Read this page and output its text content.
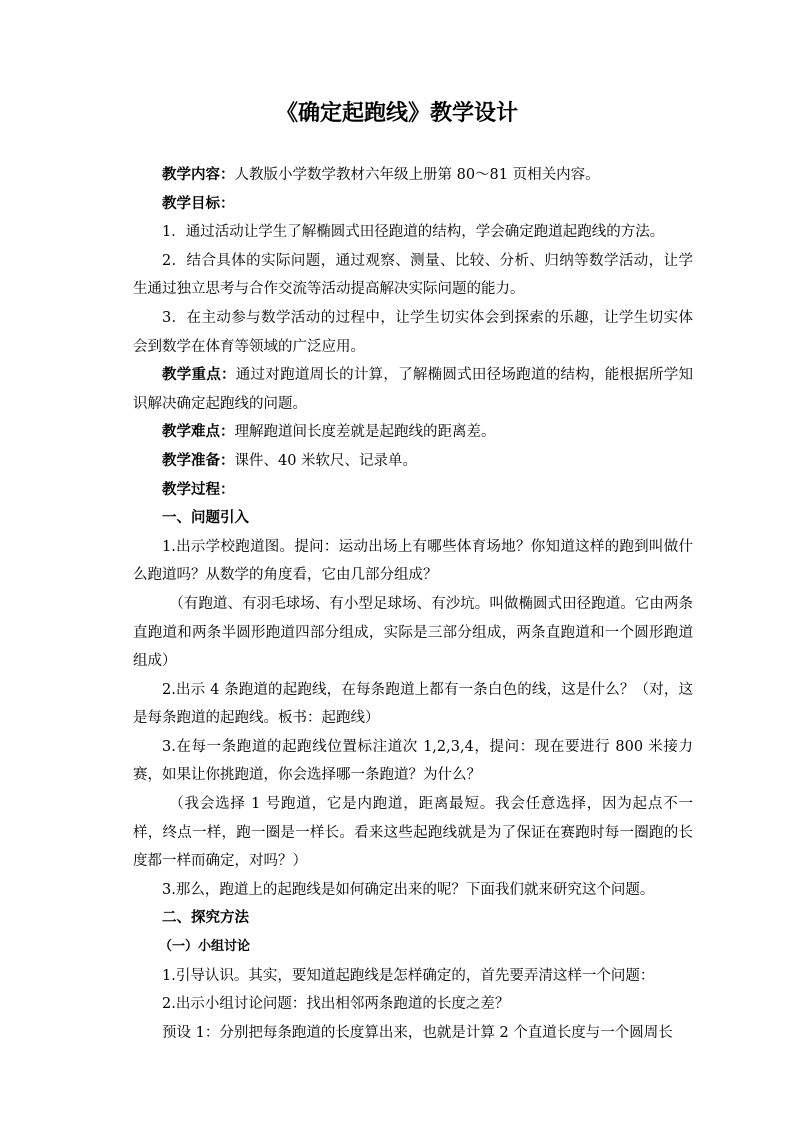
《确定起跑线》教学设计

教学内容：人教版小学数学教材六年级上册第 80～81 页相关内容。

教学目标：

1．通过活动让学生了解椭圆式田径跑道的结构，学会确定跑道起跑线的方法。

2．结合具体的实际问题，通过观察、测量、比较、分析、归纳等数学活动，让学生通过独立思考与合作交流等活动提高解决实际问题的能力。

3．在主动参与数学活动的过程中，让学生切实体会到探索的乐趣，让学生切实体会到数学在体育等领域的广泛应用。

教学重点：通过对跑道周长的计算，了解椭圆式田径场跑道的结构，能根据所学知识解决确定起跑线的问题。

教学难点：理解跑道间长度差就是起跑线的距离差。

教学准备：课件、40 米软尺、记录单。

教学过程：

一、问题引入

1.出示学校跑道图。提问：运动出场上有哪些体育场地？你知道这样的跑到叫做什么跑道吗？从数学的角度看，它由几部分组成？

（有跑道、有羽毛球场、有小型足球场、有沙坑。叫做椭圆式田径跑道。它由两条直跑道和两条半圆形跑道四部分组成，实际是三部分组成，两条直跑道和一个圆形跑道组成）

2.出示 4 条跑道的起跑线，在每条跑道上都有一条白色的线，这是什么？（对，这是每条跑道的起跑线。板书：起跑线）

3.在每一条跑道的起跑线位置标注道次 1,2,3,4，提问：现在要进行 800 米接力赛，如果让你挑跑道，你会选择哪一条跑道？为什么？

（我会选择 1 号跑道，它是内跑道，距离最短。我会任意选择，因为起点不一样，终点一样，跑一圈是一样长。看来这些起跑线就是为了保证在赛跑时每一圈跑的长度都一样而确定，对吗？）

3.那么，跑道上的起跑线是如何确定出来的呢？下面我们就来研究这个问题。

二、探究方法

（一）小组讨论

1.引导认识。其实，要知道起跑线是怎样确定的，首先要弄清这样一个问题：

2.出示小组讨论问题：找出相邻两条跑道的长度之差？

预设 1：分别把每条跑道的长度算出来，也就是计算 2 个直道长度与一个圆周长
